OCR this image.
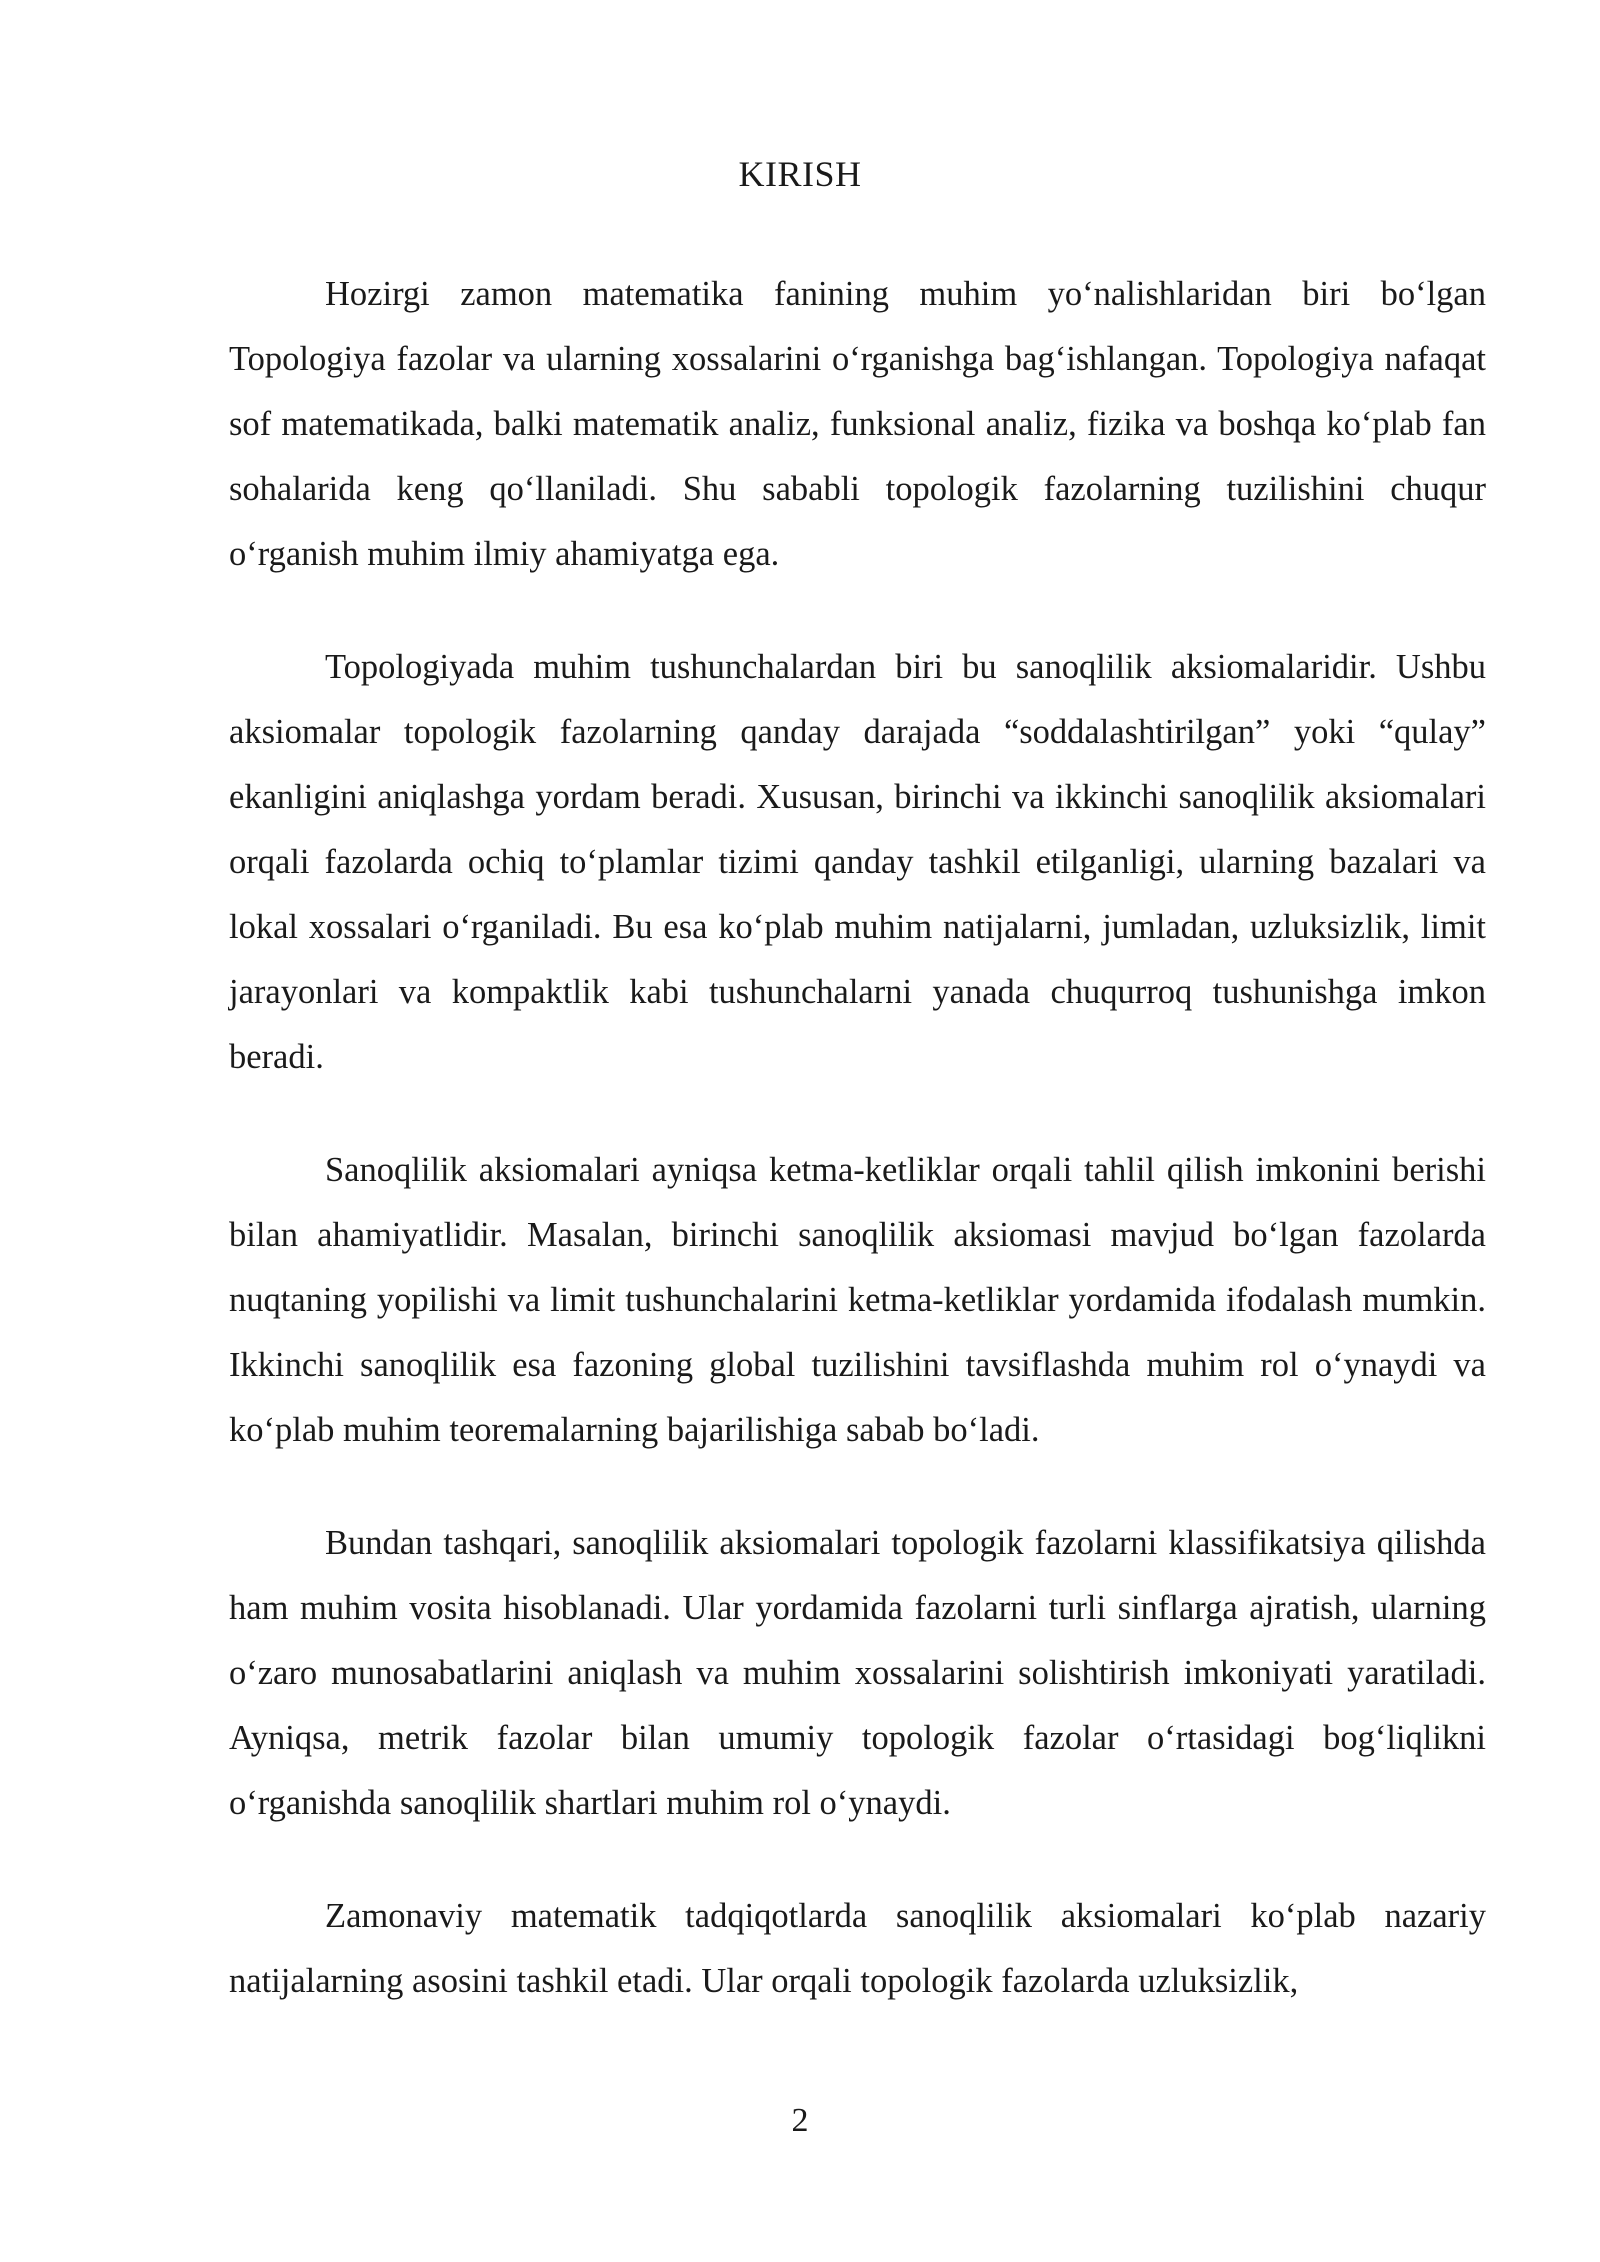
KIRISH

Hozirgi zamon matematika fanining muhim yo‘nalishlaridan biri bo‘lgan Topologiya fazolar va ularning xossalarini o‘rganishga bag‘ishlangan. Topologiya nafaqat sof matematikada, balki matematik analiz, funksional analiz, fizika va boshqa ko‘plab fan sohalarida keng qo‘llaniladi. Shu sababli topologik fazolarning tuzilishini chuqur o‘rganish muhim ilmiy ahamiyatga ega.

Topologiyada muhim tushunchalardan biri bu sanoqlilik aksiomalaridir. Ushbu aksiomalar topologik fazolarning qanday darajada “soddalashtirilgan” yoki “qulay” ekanligini aniqlashga yordam beradi. Xususan, birinchi va ikkinchi sanoqlilik aksiomalari orqali fazolarda ochiq to‘plamlar tizimi qanday tashkil etilganligi, ularning bazalari va lokal xossalari o‘rganiladi. Bu esa ko‘plab muhim natijalarni, jumladan, uzluksizlik, limit jarayonlari va kompaktlik kabi tushunchalarni yanada chuqurroq tushunishga imkon beradi.

Sanoqlilik aksiomalari ayniqsa ketma-ketliklar orqali tahlil qilish imkonini berishi bilan ahamiyatlidir. Masalan, birinchi sanoqlilik aksiomasi mavjud bo‘lgan fazolarda nuqtaning yopilishi va limit tushunchalarini ketma-ketliklar yordamida ifodalash mumkin. Ikkinchi sanoqlilik esa fazoning global tuzilishini tavsiflashda muhim rol o‘ynaydi va ko‘plab muhim teoremalarning bajarilishiga sabab bo‘ladi.

Bundan tashqari, sanoqlilik aksiomalari topologik fazolarni klassifikatsiya qilishda ham muhim vosita hisoblanadi. Ular yordamida fazolarni turli sinflarga ajratish, ularning o‘zaro munosabatlarini aniqlash va muhim xossalarini solishtirish imkoniyati yaratiladi. Ayniqsa, metrik fazolar bilan umumiy topologik fazolar o‘rtasidagi bog‘liqlikni o‘rganishda sanoqlilik shartlari muhim rol o‘ynaydi.

Zamonaviy matematik tadqiqotlarda sanoqlilik aksiomalari ko‘plab nazariy natijalarning asosini tashkil etadi. Ular orqali topologik fazolarda uzluksizlik,

2
